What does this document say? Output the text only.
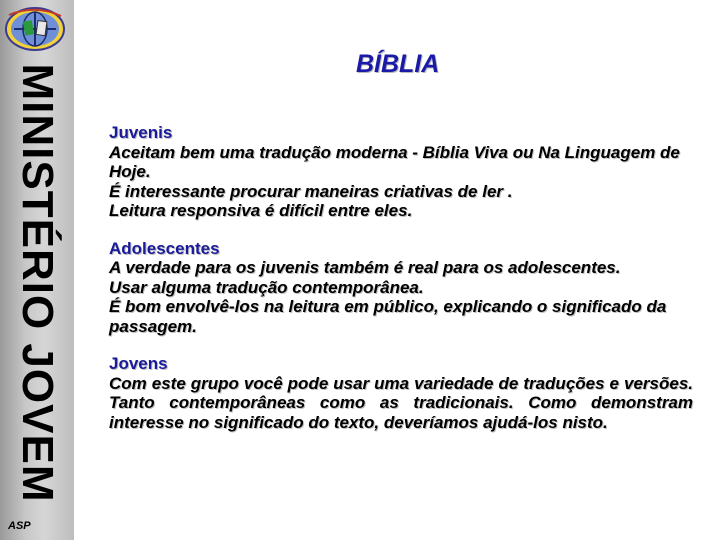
MINISTÉRIO JOVEM
ASP
BÍBLIA
Juvenis
Aceitam bem uma tradução moderna - Bíblia Viva ou Na Linguagem de Hoje.
É interessante procurar maneiras criativas de ler .
Leitura responsiva é difícil entre eles.
Adolescentes
A verdade para os juvenis também é real para os adolescentes.
Usar alguma tradução contemporânea.
É bom envolvê-los na leitura em público, explicando o significado da passagem.
Jovens
Com este grupo você pode usar uma variedade de traduções e versões. Tanto contemporâneas como as tradicionais. Como demonstram interesse no significado do texto, deveríamos ajudá-los nisto.
